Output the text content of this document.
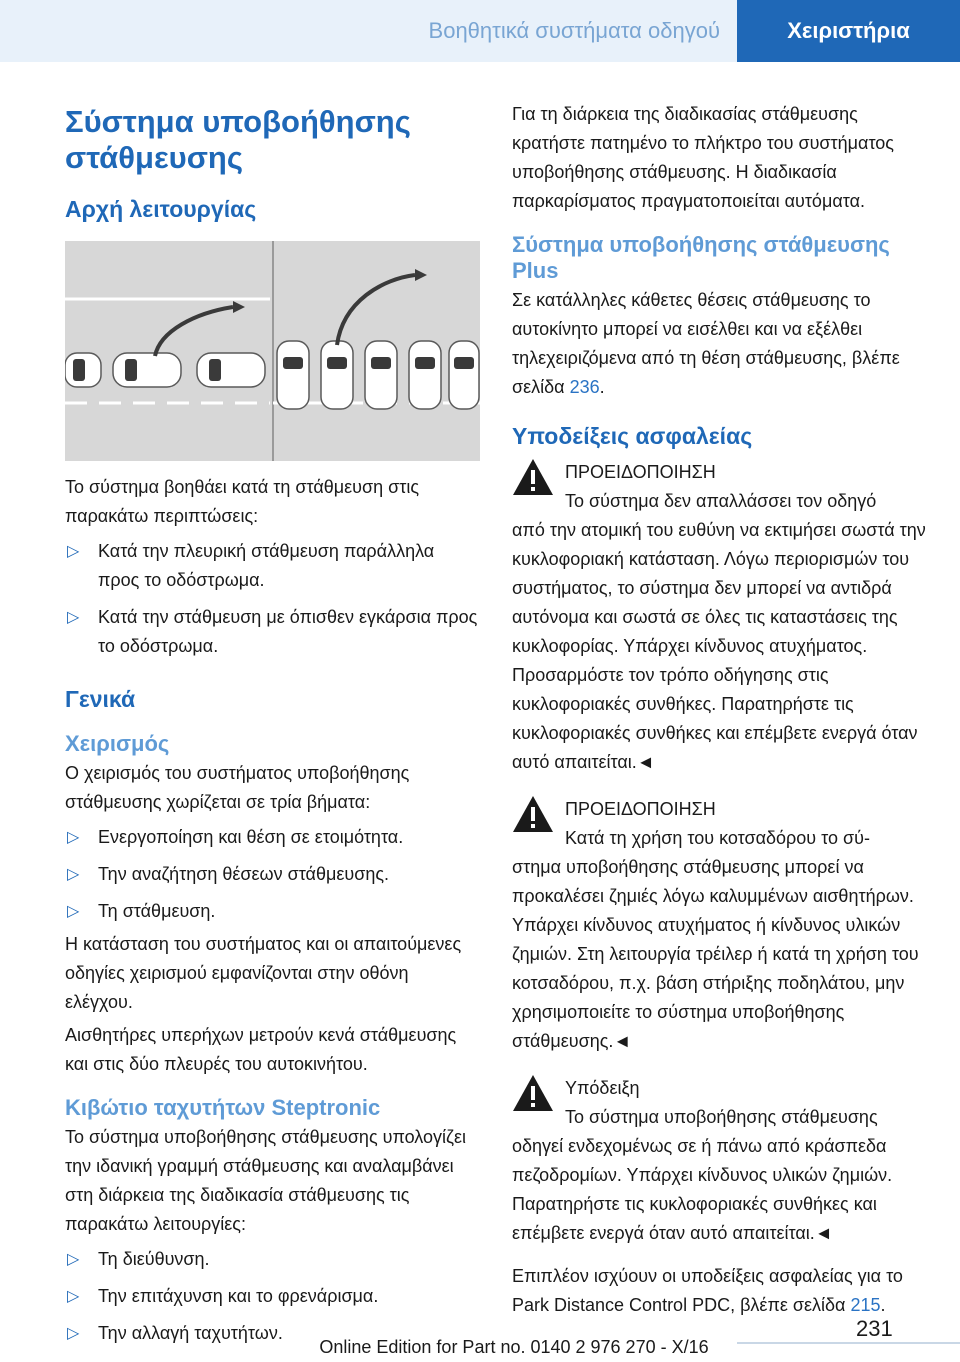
Βοηθητικά συστήματα οδηγού	Χειριστήρια
Σύστημα υποβοήθησης
στάθμευσης
Αρχή λειτουργίας

Το σύστημα βοηθάει κατά τη στάθμευση στις παρακάτω περιπτώσεις:

▷ Κατά την πλευρική στάθμευση παράλληλα προς το οδόστρωμα.
▷ Κατά την στάθμευση με όπισθεν εγκάρσια προς το οδόστρωμα.
Γενικά
Χειρισμός

Ο χειρισμός του συστήματος υποβοήθησης στάθμευσης χωρίζεται σε τρία βήματα:

▷ Ενεργοποίηση και θέση σε ετοιμότητα.
▷ Την αναζήτηση θέσεων στάθμευσης.
▷ Τη στάθμευση.

Η κατάσταση του συστήματος και οι απαιτούμενες οδηγίες χειρισμού εμφανίζονται στην οθόνη ελέγχου.

Αισθητήρες υπερήχων μετρούν κενά στάθμευσης και στις δύο πλευρές του αυτοκινήτου.

Κιβώτιο ταχυτήτων Steptronic

Το σύστημα υποβοήθησης στάθμευσης υπολογίζει την ιδανική γραμμή στάθμευσης και αναλαμβάνει στη διάρκεια της διαδικασία στάθμευσης τις παρακάτω λειτουργίες:

▷ Τη διεύθυνση.
▷ Την επιτάχυνση και το φρενάρισμα.
▷ Την αλλαγή ταχυτήτων.

Για τη διάρκεια της διαδικασίας στάθμευσης κρατήστε πατημένο το πλήκτρο του συστήματος υποβοήθησης στάθμευσης. Η διαδικασία παρκαρίσματος πραγματοποιείται αυτόματα.

Σύστημα υποβοήθησης στάθμευσης Plus

Σε κατάλληλες κάθετες θέσεις στάθμευσης το αυτοκίνητο μπορεί να εισέλθει και να εξέλθει τηλεχειριζόμενα από τη θέση στάθμευσης, βλέπε σελίδα 236.

Υποδείξεις ασφαλείας
ΠΡΟΕΙΔΟΠΟΙΗΣΗ
Το σύστημα δεν απαλλάσσει τον οδηγό
από την ατομική του ευθύνη να εκτιμήσει σωστά την κυκλοφοριακή κατάσταση. Λόγω περιορισμών του συστήματος, το σύστημα δεν μπορεί να αντιδρά αυτόνομα και σωστά σε όλες τις καταστάσεις της κυκλοφορίας. Υπάρχει κίνδυνος ατυχήματος. Προσαρμόστε τον τρόπο οδήγησης στις κυκλοφοριακές συνθήκες. Παρατηρήστε τις κυκλοφοριακές συνθήκες και επέμβετε ενεργά όταν αυτό απαιτείται.◄
ΠΡΟΕΙΔΟΠΟΙΗΣΗ
Κατά τη χρήση του κοτσαδόρου το σύ-
στημα υποβοήθησης στάθμευσης μπορεί να προκαλέσει ζημιές λόγω καλυμμένων αισθητήρων. Υπάρχει κίνδυνος ατυχήματος ή κίνδυνος υλικών ζημιών. Στη λειτουργία τρέιλερ ή κατά τη χρήση του κοτσαδόρου, π.χ. βάση στήριξης ποδηλάτου, μην χρησιμοποιείτε το σύστημα υποβοήθησης στάθμευσης.◄
Υπόδειξη
Το σύστημα υποβοήθησης στάθμευσης
οδηγεί ενδεχομένως σε ή πάνω από κράσπεδα πεζοδρομίων. Υπάρχει κίνδυνος υλικών ζημιών. Παρατηρήστε τις κυκλοφοριακές συνθήκες και επέμβετε ενεργά όταν αυτό απαιτείται.◄

Επιπλέον ισχύουν οι υποδείξεις ασφαλείας για το Park Distance Control PDC, βλέπε σελίδα 215.

231
Online Edition for Part no. 0140 2 976 270 - X/16
